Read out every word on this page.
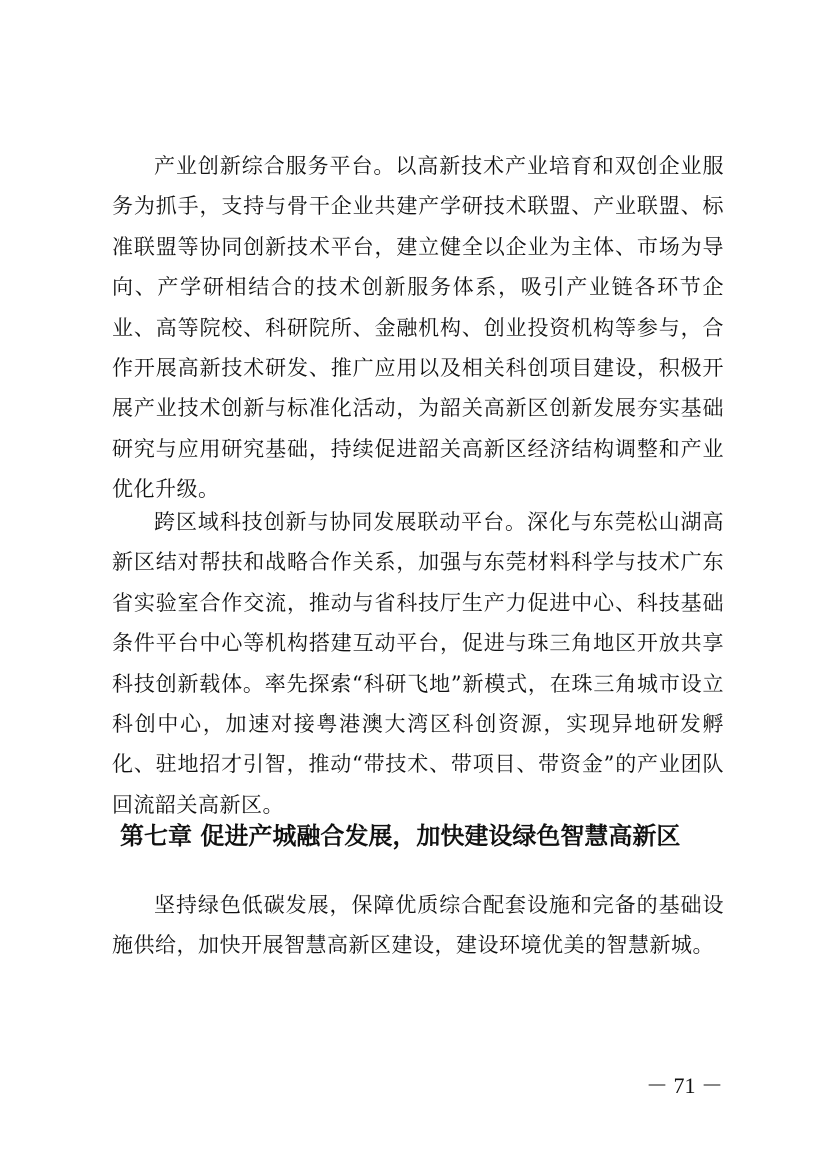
产业创新综合服务平台。以高新技术产业培育和双创企业服务为抓手，支持与骨干企业共建产学研技术联盟、产业联盟、标准联盟等协同创新技术平台，建立健全以企业为主体、市场为导向、产学研相结合的技术创新服务体系，吸引产业链各环节企业、高等院校、科研院所、金融机构、创业投资机构等参与，合作开展高新技术研发、推广应用以及相关科创项目建设，积极开展产业技术创新与标准化活动，为韶关高新区创新发展夯实基础研究与应用研究基础，持续促进韶关高新区经济结构调整和产业优化升级。

跨区域科技创新与协同发展联动平台。深化与东莞松山湖高新区结对帮扶和战略合作关系，加强与东莞材料科学与技术广东省实验室合作交流，推动与省科技厅生产力促进中心、科技基础条件平台中心等机构搭建互动平台，促进与珠三角地区开放共享科技创新载体。率先探索“科研飞地”新模式，在珠三角城市设立科创中心，加速对接粤港澳大湾区科创资源，实现异地研发孵化、驻地招才引智，推动“带技术、带项目、带资金”的产业团队回流韶关高新区。

第七章 促进产城融合发展，加快建设绿色智慧高新区

坚持绿色低碳发展，保障优质综合配套设施和完备的基础设施供给，加快开展智慧高新区建设，建设环境优美的智慧新城。

－ 71 －
